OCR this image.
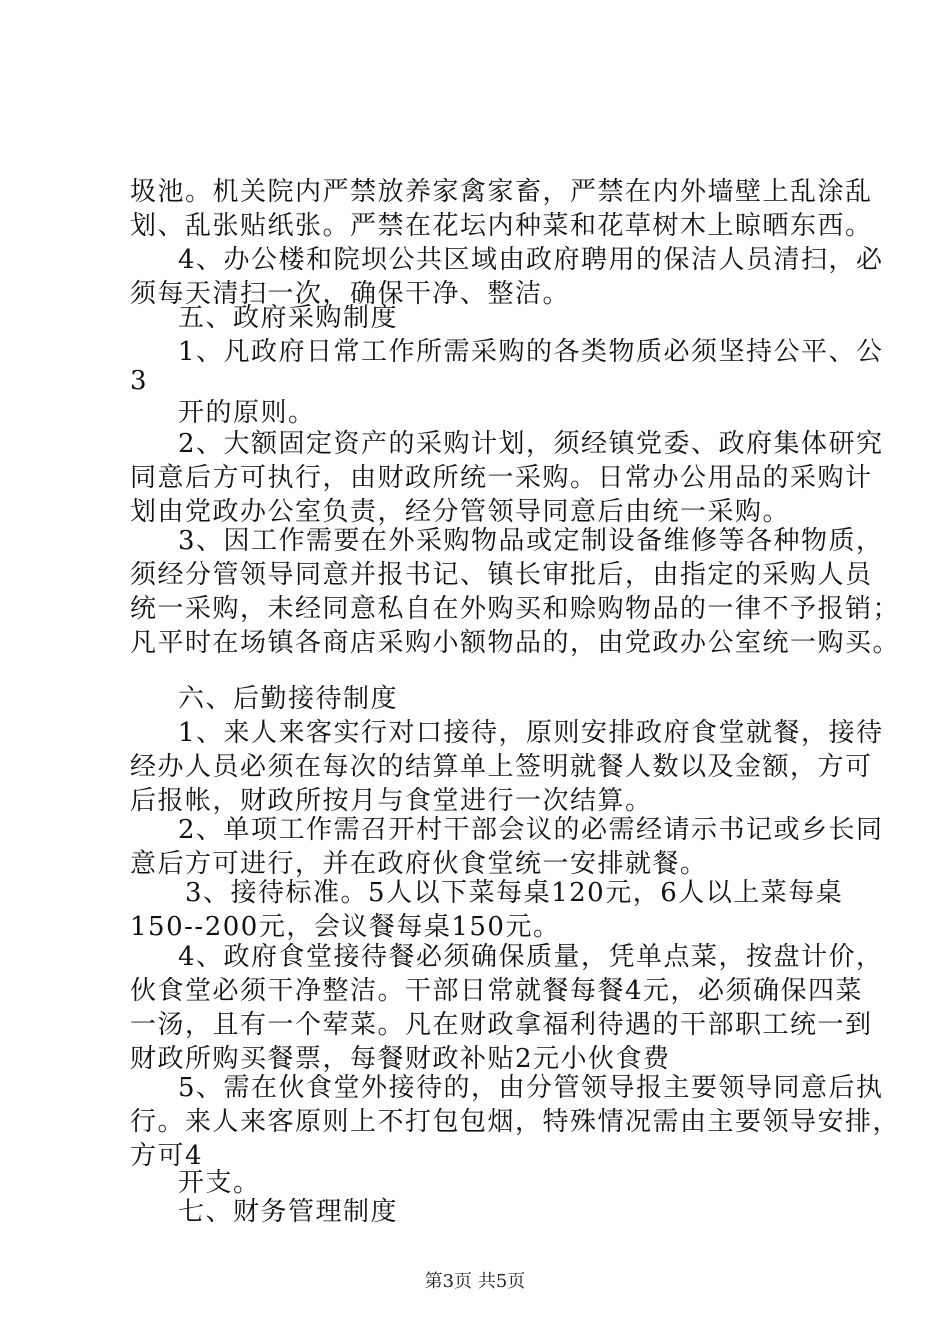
圾池。机关院内严禁放养家禽家畜，严禁在内外墙壁上乱涂乱
划、乱张贴纸张。严禁在花坛内种菜和花草树木上晾晒东西。
4、办公楼和院坝公共区域由政府聘用的保洁人员清扫，必
须每天清扫一次，确保干净、整洁。
五、政府采购制度
1、凡政府日常工作所需采购的各类物质必须坚持公平、公
3
开的原则。
2、大额固定资产的采购计划，须经镇党委、政府集体研究
同意后方可执行，由财政所统一采购。日常办公用品的采购计
划由党政办公室负责，经分管领导同意后由统一采购。
3、因工作需要在外采购物品或定制设备维修等各种物质，
须经分管领导同意并报书记、镇长审批后，由指定的采购人员
统一采购，未经同意私自在外购买和赊购物品的一律不予报销；
凡平时在场镇各商店采购小额物品的，由党政办公室统一购买。
六、后勤接待制度
1、来人来客实行对口接待，原则安排政府食堂就餐，接待
经办人员必须在每次的结算单上签明就餐人数以及金额，方可
后报帐，财政所按月与食堂进行一次结算。
2、单项工作需召开村干部会议的必需经请示书记或乡长同
意后方可进行，并在政府伙食堂统一安排就餐。
3、接待标准。5人以下菜每桌120元，6人以上菜每桌
150--200元，会议餐每桌150元。
4、政府食堂接待餐必须确保质量，凭单点菜，按盘计价，
伙食堂必须干净整洁。干部日常就餐每餐4元，必须确保四菜
一汤，且有一个荤菜。凡在财政拿福利待遇的干部职工统一到
财政所购买餐票，每餐财政补贴2元小伙食费
5、需在伙食堂外接待的，由分管领导报主要领导同意后执
行。来人来客原则上不打包包烟，特殊情况需由主要领导安排，
方可4
开支。
七、财务管理制度
第3页 共5页
